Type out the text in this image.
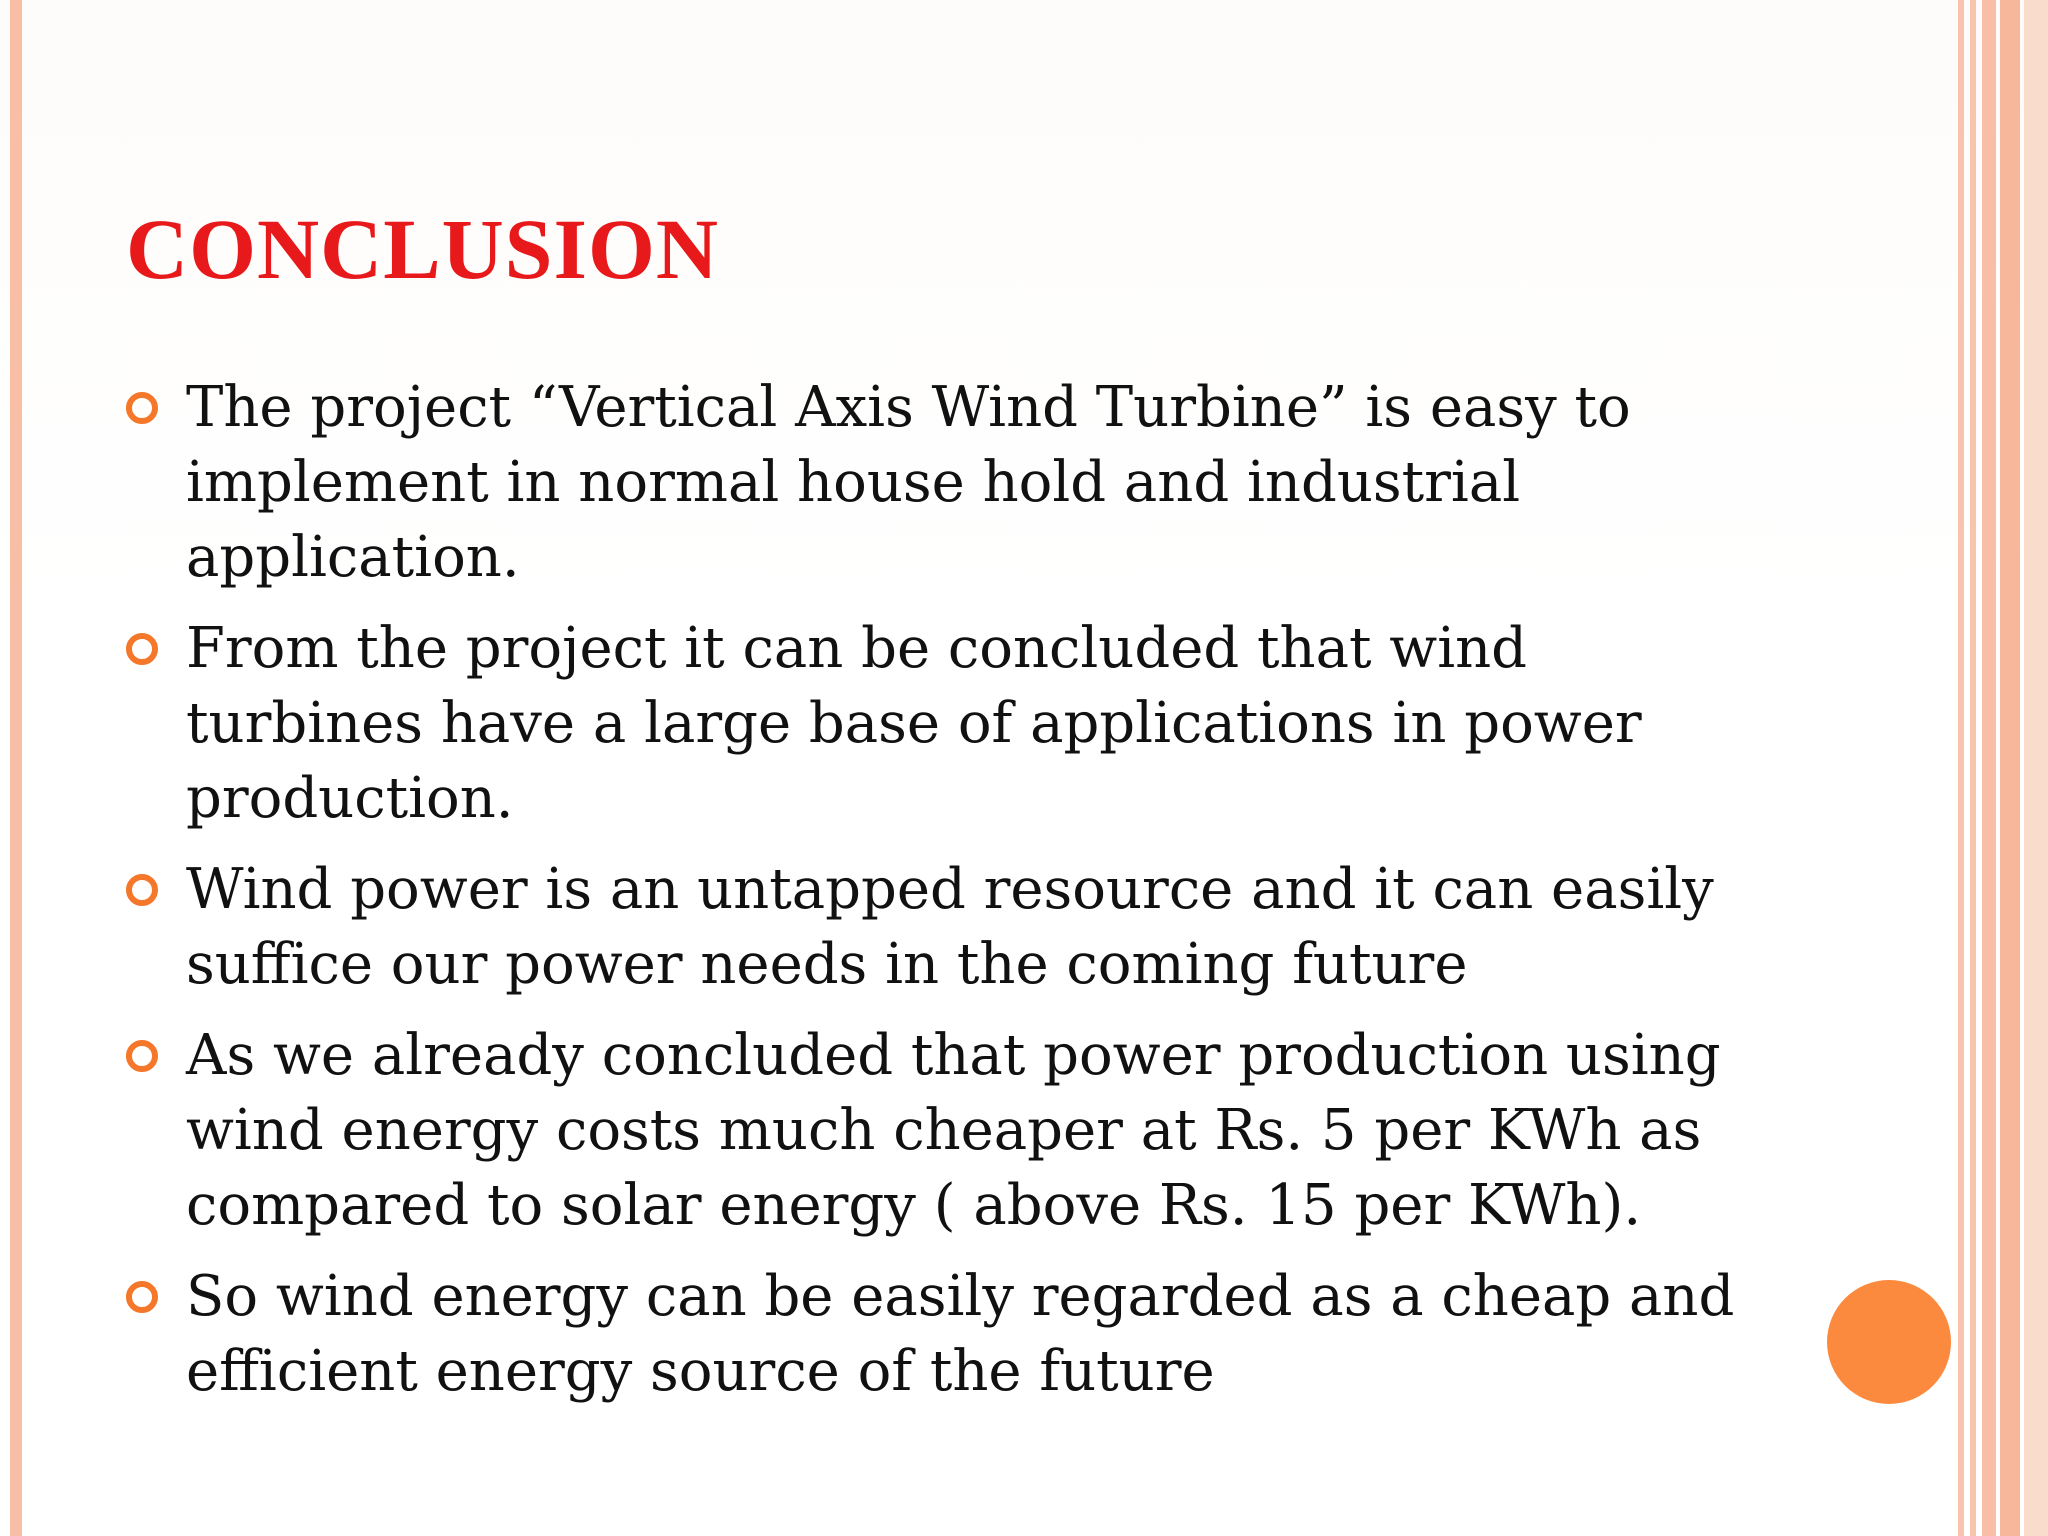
CONCLUSION
The project “Vertical Axis Wind Turbine” is easy to implement in normal house hold and industrial application.
From the project it can be concluded that wind turbines have a large base of applications in power production.
Wind power is an untapped resource and it can easily suffice our power needs in the coming future
As we already concluded that power production using wind energy costs much cheaper at Rs. 5 per KWh as compared to solar energy ( above Rs. 15 per KWh).
So wind energy can be easily regarded as a cheap and efficient energy source of the future
